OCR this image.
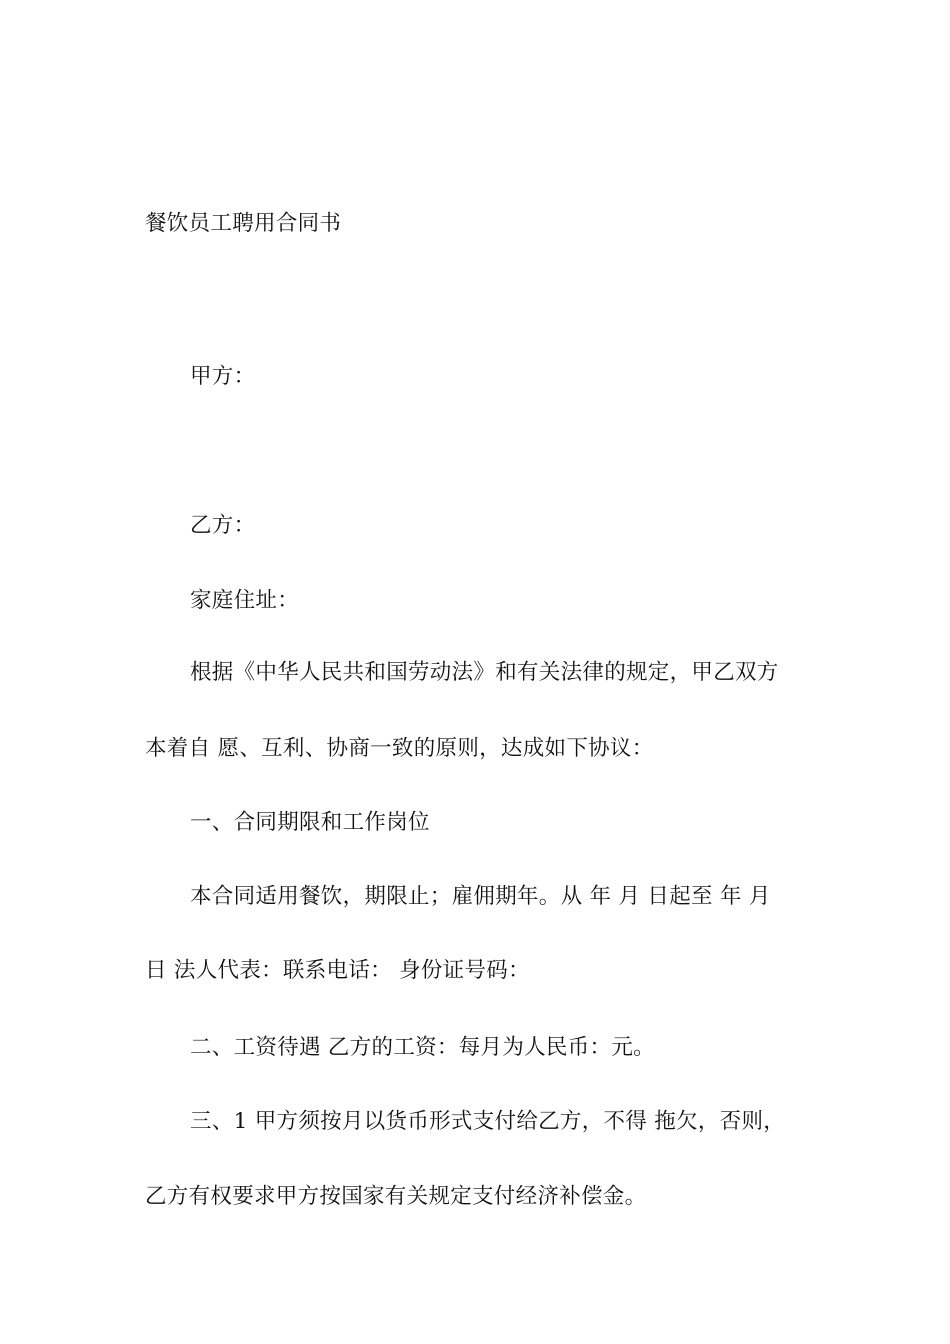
餐饮员工聘用合同书
甲方：
乙方：
家庭住址：
根据《中华人民共和国劳动法》和有关法律的规定，甲乙双方
本着自 愿、互利、协商一致的原则，达成如下协议：
一、合同期限和工作岗位
本合同适用餐饮，期限止；雇佣期年。从 年 月 日起至 年 月
日 法人代表：联系电话： 身份证号码：
二、工资待遇 乙方的工资：每月为人民币：元。
三、1 甲方须按月以货币形式支付给乙方，不得 拖欠，否则，
乙方有权要求甲方按国家有关规定支付经济补偿金。
